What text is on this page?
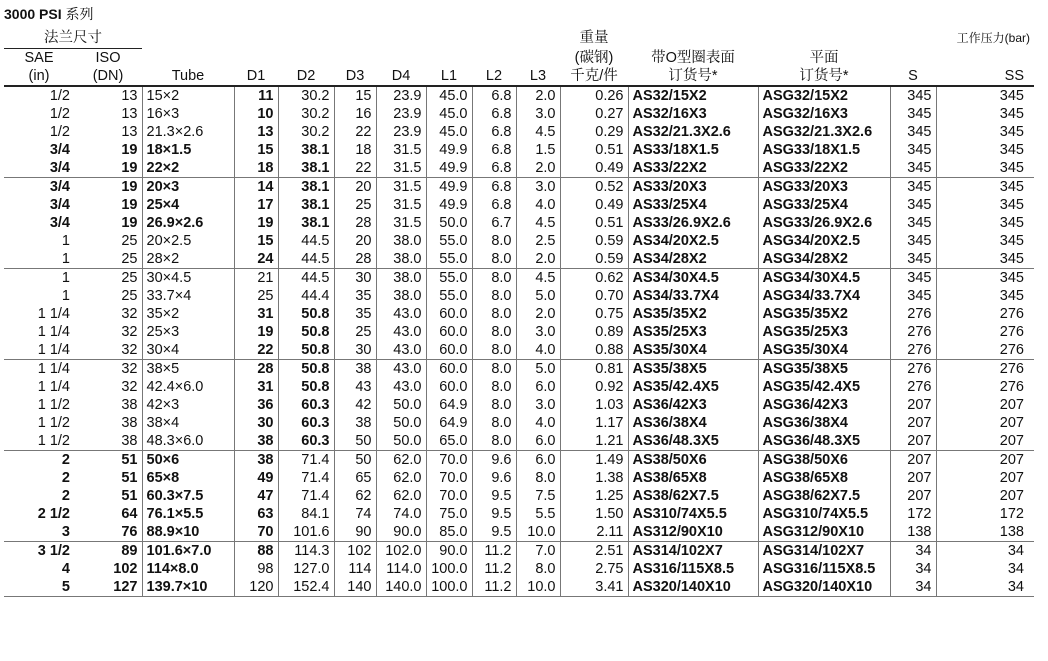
3000 PSI 系列
法兰尺寸										重量				工作压力(bar)
SAE	ISO									(碳钢)	带O型圈表面	平面		
(in)	(DN)	Tube	D1	D2	D3	D4	L1	L2	L3	千克/件	订货号*	订货号*	S	SS
1/2	13	15×2	11	30.2	15	23.9	45.0	6.8	2.0	0.26	AS32/15X2	ASG32/15X2	345	345
1/2	13	16×3	10	30.2	16	23.9	45.0	6.8	3.0	0.27	AS32/16X3	ASG32/16X3	345	345
1/2	13	21.3×2.6	13	30.2	22	23.9	45.0	6.8	4.5	0.29	AS32/21.3X2.6	ASG32/21.3X2.6	345	345
3/4	19	18×1.5	15	38.1	18	31.5	49.9	6.8	1.5	0.51	AS33/18X1.5	ASG33/18X1.5	345	345
3/4	19	22×2	18	38.1	22	31.5	49.9	6.8	2.0	0.49	AS33/22X2	ASG33/22X2	345	345
3/4	19	20×3	14	38.1	20	31.5	49.9	6.8	3.0	0.52	AS33/20X3	ASG33/20X3	345	345
3/4	19	25×4	17	38.1	25	31.5	49.9	6.8	4.0	0.49	AS33/25X4	ASG33/25X4	345	345
3/4	19	26.9×2.6	19	38.1	28	31.5	50.0	6.7	4.5	0.51	AS33/26.9X2.6	ASG33/26.9X2.6	345	345
1	25	20×2.5	15	44.5	20	38.0	55.0	8.0	2.5	0.59	AS34/20X2.5	ASG34/20X2.5	345	345
1	25	28×2	24	44.5	28	38.0	55.0	8.0	2.0	0.59	AS34/28X2	ASG34/28X2	345	345
1	25	30×4.5	21	44.5	30	38.0	55.0	8.0	4.5	0.62	AS34/30X4.5	ASG34/30X4.5	345	345
1	25	33.7×4	25	44.4	35	38.0	55.0	8.0	5.0	0.70	AS34/33.7X4	ASG34/33.7X4	345	345
1 1/4	32	35×2	31	50.8	35	43.0	60.0	8.0	2.0	0.75	AS35/35X2	ASG35/35X2	276	276
1 1/4	32	25×3	19	50.8	25	43.0	60.0	8.0	3.0	0.89	AS35/25X3	ASG35/25X3	276	276
1 1/4	32	30×4	22	50.8	30	43.0	60.0	8.0	4.0	0.88	AS35/30X4	ASG35/30X4	276	276
1 1/4	32	38×5	28	50.8	38	43.0	60.0	8.0	5.0	0.81	AS35/38X5	ASG35/38X5	276	276
1 1/4	32	42.4×6.0	31	50.8	43	43.0	60.0	8.0	6.0	0.92	AS35/42.4X5	ASG35/42.4X5	276	276
1 1/2	38	42×3	36	60.3	42	50.0	64.9	8.0	3.0	1.03	AS36/42X3	ASG36/42X3	207	207
1 1/2	38	38×4	30	60.3	38	50.0	64.9	8.0	4.0	1.17	AS36/38X4	ASG36/38X4	207	207
1 1/2	38	48.3×6.0	38	60.3	50	50.0	65.0	8.0	6.0	1.21	AS36/48.3X5	ASG36/48.3X5	207	207
2	51	50×6	38	71.4	50	62.0	70.0	9.6	6.0	1.49	AS38/50X6	ASG38/50X6	207	207
2	51	65×8	49	71.4	65	62.0	70.0	9.6	8.0	1.38	AS38/65X8	ASG38/65X8	207	207
2	51	60.3×7.5	47	71.4	62	62.0	70.0	9.5	7.5	1.25	AS38/62X7.5	ASG38/62X7.5	207	207
2 1/2	64	76.1×5.5	63	84.1	74	74.0	75.0	9.5	5.5	1.50	AS310/74X5.5	ASG310/74X5.5	172	172
3	76	88.9×10	70	101.6	90	90.0	85.0	9.5	10.0	2.11	AS312/90X10	ASG312/90X10	138	138
3 1/2	89	101.6×7.0	88	114.3	102	102.0	90.0	11.2	7.0	2.51	AS314/102X7	ASG314/102X7	34	34
4	102	114×8.0	98	127.0	114	114.0	100.0	11.2	8.0	2.75	AS316/115X8.5	ASG316/115X8.5	34	34
5	127	139.7×10	120	152.4	140	140.0	100.0	11.2	10.0	3.41	AS320/140X10	ASG320/140X10	34	34
